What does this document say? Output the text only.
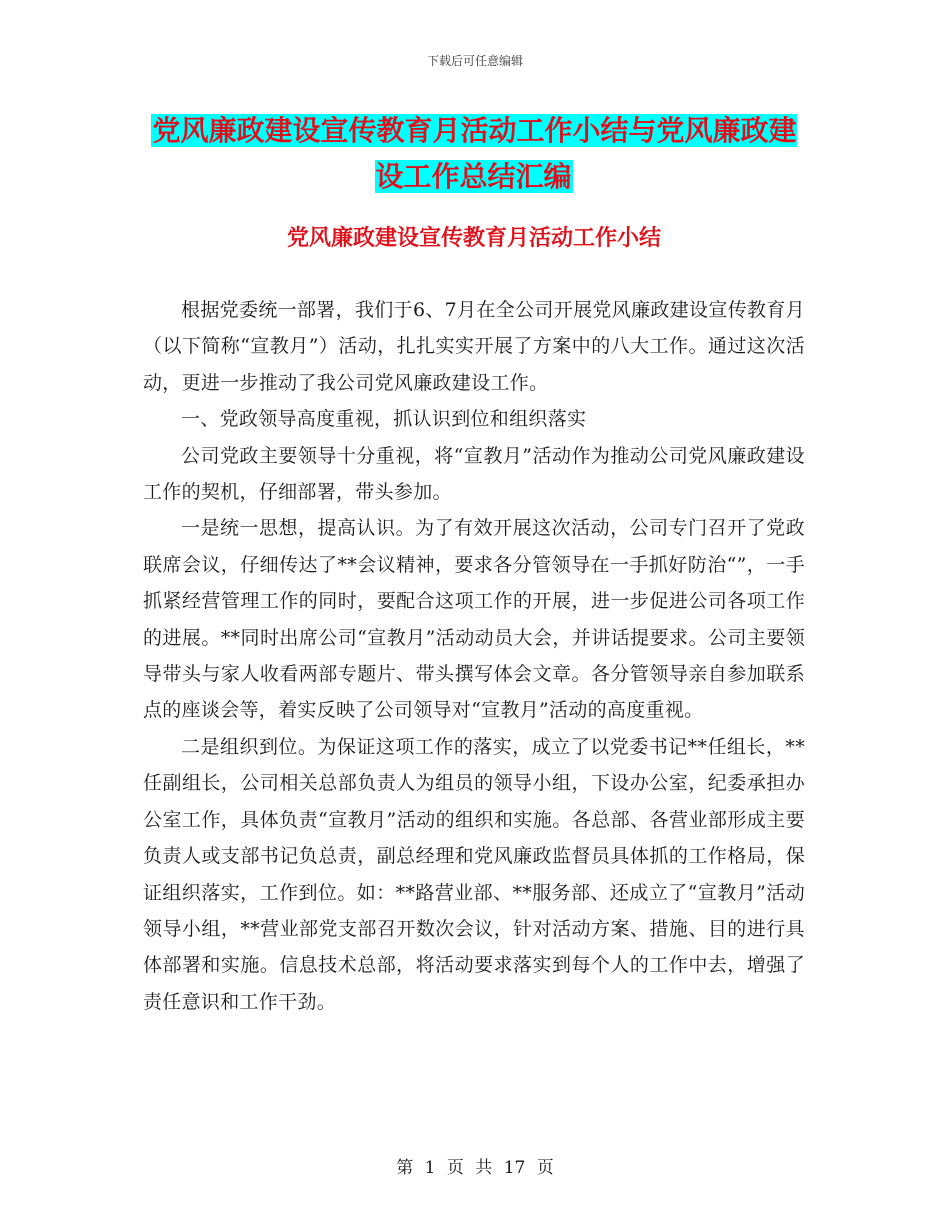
下载后可任意编辑
党风廉政建设宣传教育月活动工作小结与党风廉政建设工作总结汇编
党风廉政建设宣传教育月活动工作小结

根据党委统一部署，我们于6、7月在全公司开展党风廉政建设宣传教育月（以下简称“宣教月”）活动，扎扎实实开展了方案中的八大工作。通过这次活动，更进一步推动了我公司党风廉政建设工作。

一、党政领导高度重视，抓认识到位和组织落实

公司党政主要领导十分重视，将“宣教月”活动作为推动公司党风廉政建设工作的契机，仔细部署，带头参加。

一是统一思想，提高认识。为了有效开展这次活动，公司专门召开了党政联席会议，仔细传达了**会议精神，要求各分管领导在一手抓好防治“”，一手抓紧经营管理工作的同时，要配合这项工作的开展，进一步促进公司各项工作的进展。**同时出席公司“宣教月”活动动员大会，并讲话提要求。公司主要领导带头与家人收看两部专题片、带头撰写体会文章。各分管领导亲自参加联系点的座谈会等，着实反映了公司领导对“宣教月”活动的高度重视。

二是组织到位。为保证这项工作的落实，成立了以党委书记**任组长，**任副组长，公司相关总部负责人为组员的领导小组，下设办公室，纪委承担办公室工作，具体负责“宣教月”活动的组织和实施。各总部、各营业部形成主要负责人或支部书记负总责，副总经理和党风廉政监督员具体抓的工作格局，保证组织落实，工作到位。如：**路营业部、**服务部、还成立了“宣教月”活动领导小组，**营业部党支部召开数次会议，针对活动方案、措施、目的进行具体部署和实施。信息技术总部，将活动要求落实到每个人的工作中去，增强了责任意识和工作干劲。

第 1 页 共 17 页
